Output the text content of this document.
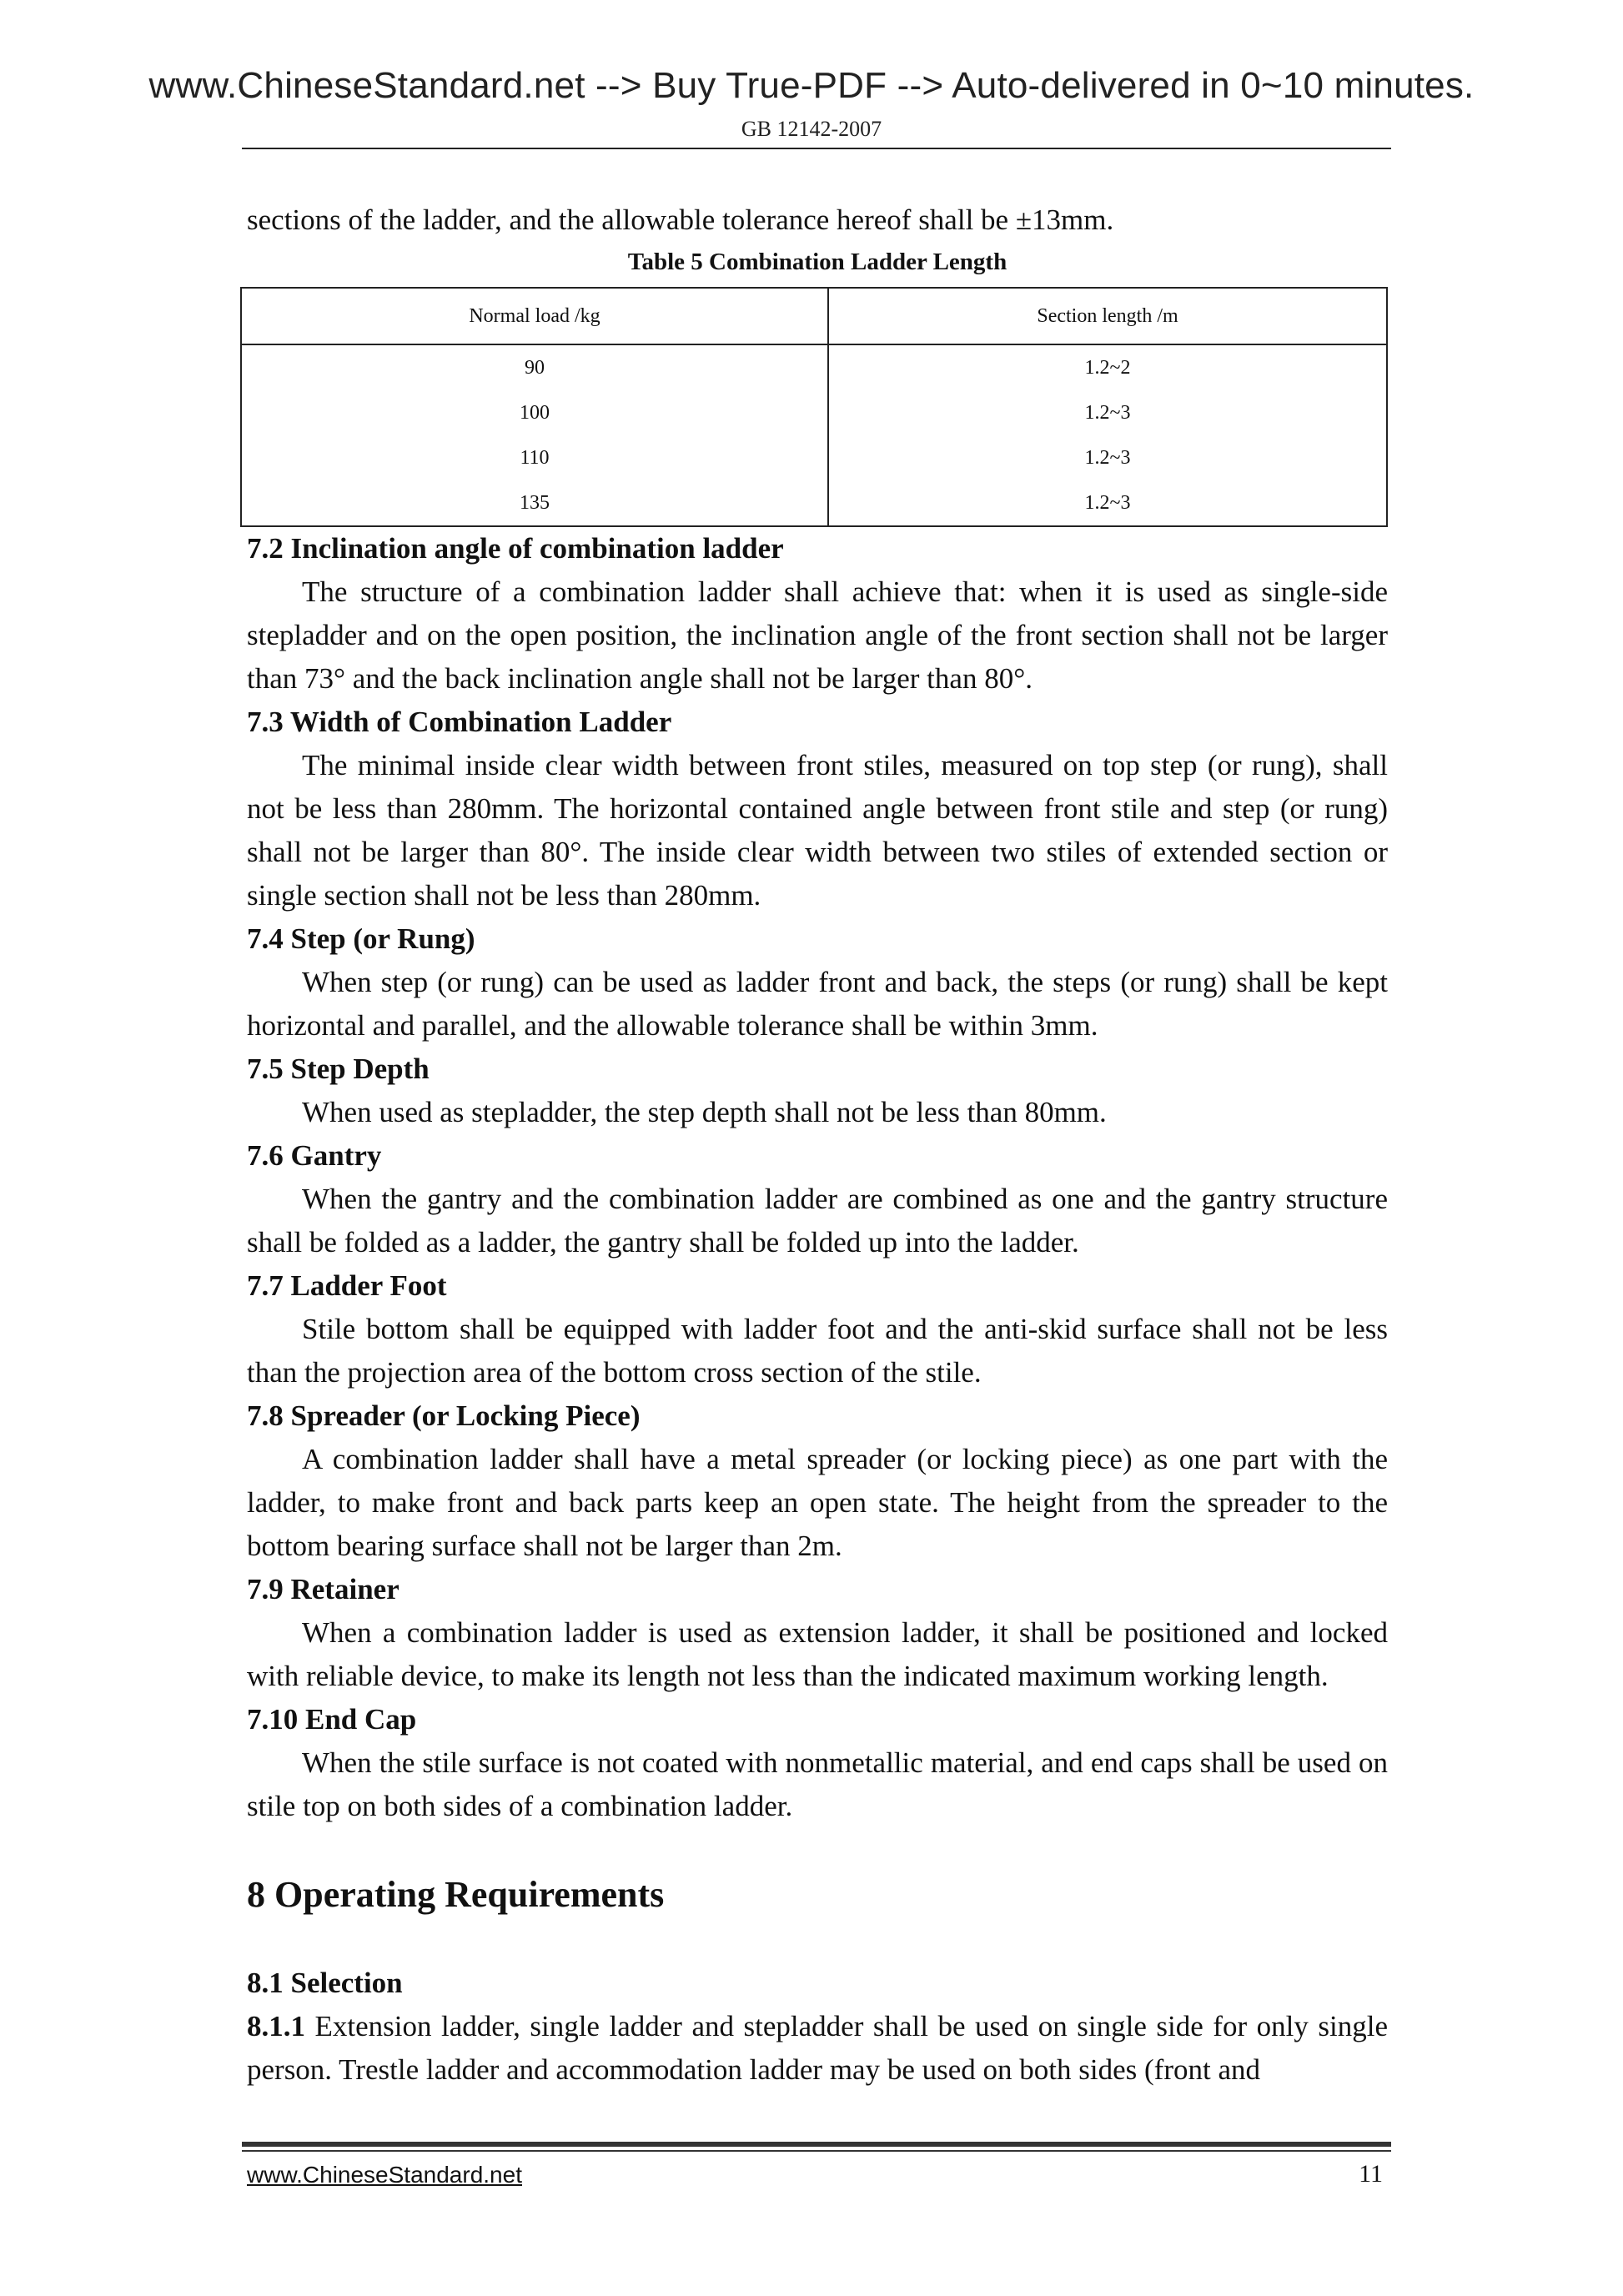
www.ChineseStandard.net --> Buy True-PDF --> Auto-delivered in 0~10 minutes.
GB 12142-2007

sections of the ladder, and the allowable tolerance hereof shall be ±13mm.

Table 5 Combination Ladder Length
Normal load /kg	Section length /m
90	1.2~2
100	1.2~3
110	1.2~3
135	1.2~3
7.2 Inclination angle of combination ladder

The structure of a combination ladder shall achieve that: when it is used as single-side stepladder and on the open position, the inclination angle of the front section shall not be larger than 73° and the back inclination angle shall not be larger than 80°.

7.3 Width of Combination Ladder

The minimal inside clear width between front stiles, measured on top step (or rung), shall not be less than 280mm. The horizontal contained angle between front stile and step (or rung) shall not be larger than 80°. The inside clear width between two stiles of extended section or single section shall not be less than 280mm.

7.4 Step (or Rung)

When step (or rung) can be used as ladder front and back, the steps (or rung) shall be kept horizontal and parallel, and the allowable tolerance shall be within 3mm.

7.5 Step Depth

When used as stepladder, the step depth shall not be less than 80mm.

7.6 Gantry

When the gantry and the combination ladder are combined as one and the gantry structure shall be folded as a ladder, the gantry shall be folded up into the ladder.

7.7 Ladder Foot

Stile bottom shall be equipped with ladder foot and the anti-skid surface shall not be less than the projection area of the bottom cross section of the stile.

7.8 Spreader (or Locking Piece)

A combination ladder shall have a metal spreader (or locking piece) as one part with the ladder, to make front and back parts keep an open state. The height from the spreader to the bottom bearing surface shall not be larger than 2m.

7.9 Retainer

When a combination ladder is used as extension ladder, it shall be positioned and locked with reliable device, to make its length not less than the indicated maximum working length.

7.10 End Cap

When the stile surface is not coated with nonmetallic material, and end caps shall be used on stile top on both sides of a combination ladder.

8 Operating Requirements
8.1 Selection

8.1.1 Extension ladder, single ladder and stepladder shall be used on single side for only single person. Trestle ladder and accommodation ladder may be used on both sides (front and

www.ChineseStandard.net	11
